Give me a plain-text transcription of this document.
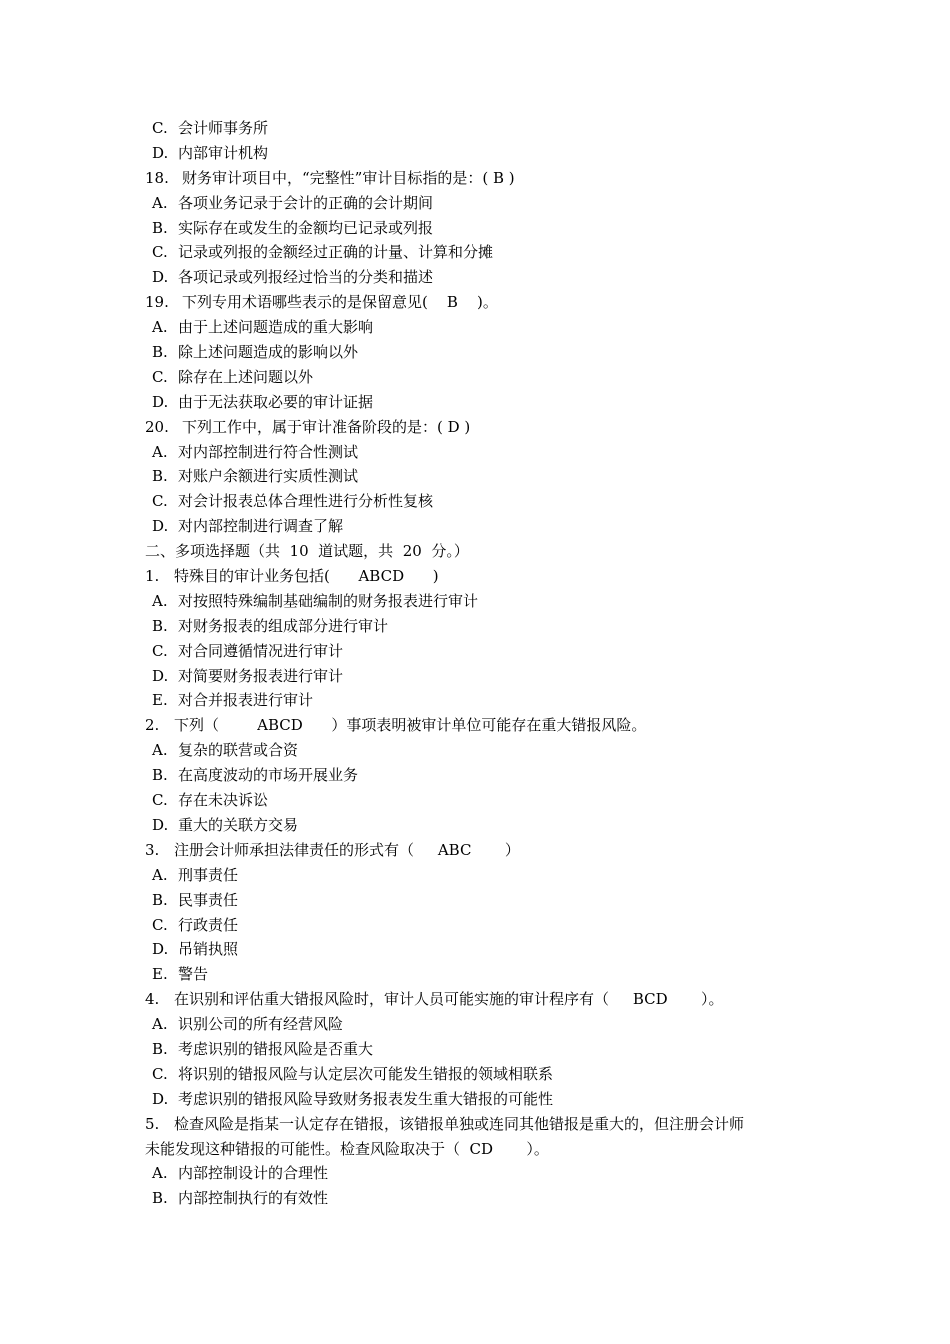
C. 会计师事务所
D. 内部审计机构
18. 财务审计项目中，“完整性”审计目标指的是：( B )
A. 各项业务记录于会计的正确的会计期间
B. 实际存在或发生的金额均已记录或列报
C. 记录或列报的金额经过正确的计量、计算和分摊
D. 各项记录或列报经过恰当的分类和描述
19. 下列专用术语哪些表示的是保留意见(    B    )。
A. 由于上述问题造成的重大影响
B. 除上述问题造成的影响以外
C. 除存在上述问题以外
D. 由于无法获取必要的审计证据
20. 下列工作中，属于审计准备阶段的是：( D )
A. 对内部控制进行符合性测试
B. 对账户余额进行实质性测试
C. 对会计报表总体合理性进行分析性复核
D. 对内部控制进行调查了解
二、多项选择题（共  10  道试题，共  20  分。）
1. 特殊目的审计业务包括(      ABCD      )
A. 对按照特殊编制基础编制的财务报表进行审计
B. 对财务报表的组成部分进行审计
C. 对合同遵循情况进行审计
D. 对简要财务报表进行审计
E. 对合并报表进行审计
2. 下列（        ABCD      ）事项表明被审计单位可能存在重大错报风险。
A. 复杂的联营或合资
B. 在高度波动的市场开展业务
C. 存在未决诉讼
D. 重大的关联方交易
3. 注册会计师承担法律责任的形式有（     ABC       ）
A. 刑事责任
B. 民事责任
C. 行政责任
D. 吊销执照
E. 警告
4. 在识别和评估重大错报风险时，审计人员可能实施的审计程序有（     BCD       ）。
A. 识别公司的所有经营风险
B. 考虑识别的错报风险是否重大
C. 将识别的错报风险与认定层次可能发生错报的领域相联系
D. 考虑识别的错报风险导致财务报表发生重大错报的可能性
5. 检查风险是指某一认定存在错报，该错报单独或连同其他错报是重大的，但注册会计师
未能发现这种错报的可能性。检查风险取决于（  CD       ）。
A. 内部控制设计的合理性
B. 内部控制执行的有效性
